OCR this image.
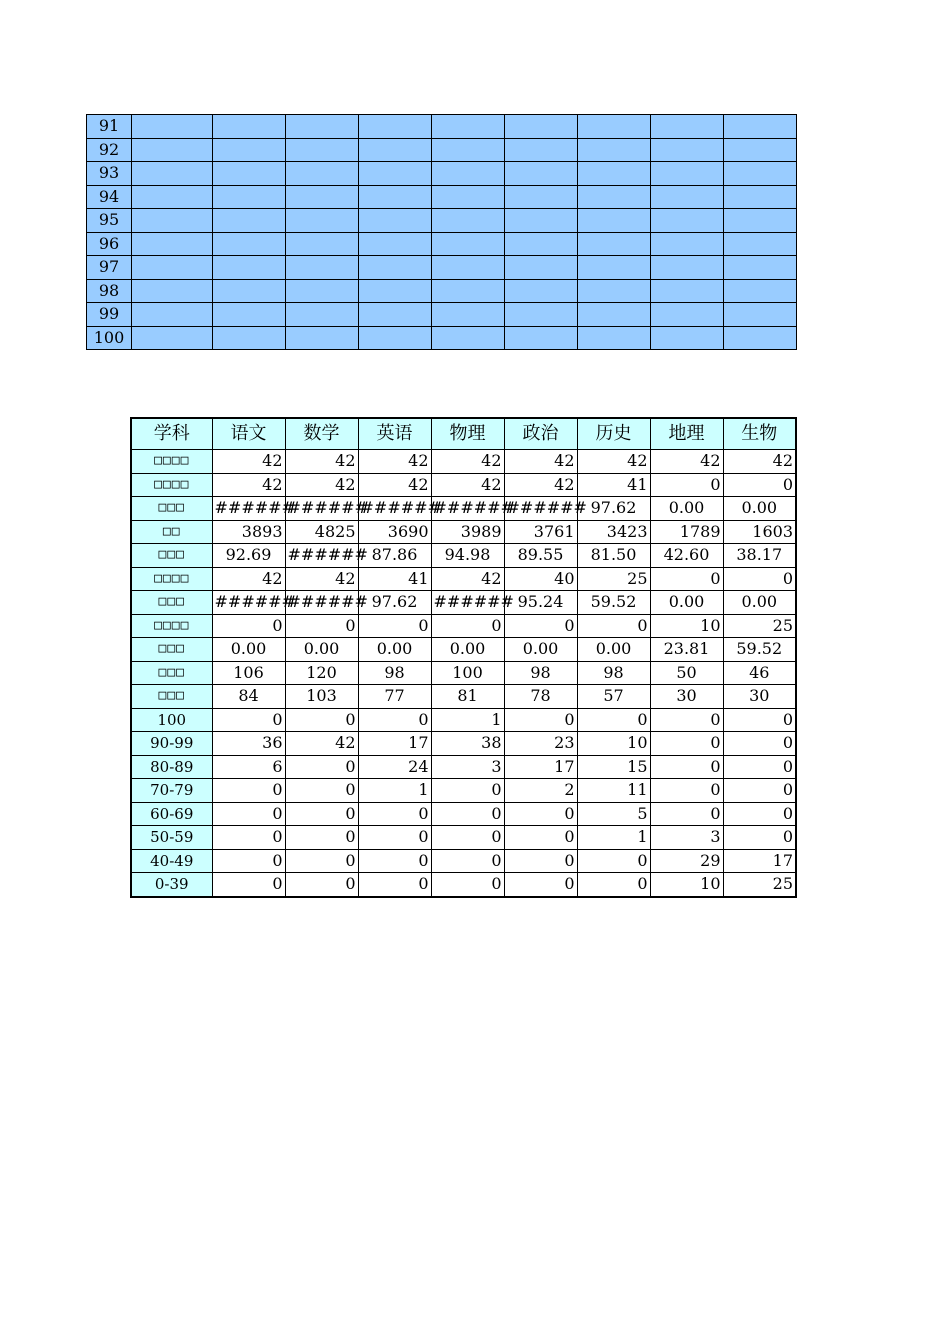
91									
92									
93									
94									
95									
96									
97									
98									
99									
100									
学科	语文	数学	英语	物理	政治	历史	地理	生物
□□□□	42	42	42	42	42	42	42	42
□□□□	42	42	42	42	42	41	0	0
□□□	######	######	######	######	######	97.62	0.00	0.00
□□	3893	4825	3690	3989	3761	3423	1789	1603
□□□	92.69	######	87.86	94.98	89.55	81.50	42.60	38.17
□□□□	42	42	41	42	40	25	0	0
□□□	######	######	97.62	######	95.24	59.52	0.00	0.00
□□□□	0	0	0	0	0	0	10	25
□□□	0.00	0.00	0.00	0.00	0.00	0.00	23.81	59.52
□□□	106	120	98	100	98	98	50	46
□□□	84	103	77	81	78	57	30	30
100	0	0	0	1	0	0	0	0
90-99	36	42	17	38	23	10	0	0
80-89	6	0	24	3	17	15	0	0
70-79	0	0	1	0	2	11	0	0
60-69	0	0	0	0	0	5	0	0
50-59	0	0	0	0	0	1	3	0
40-49	0	0	0	0	0	0	29	17
0-39	0	0	0	0	0	0	10	25
